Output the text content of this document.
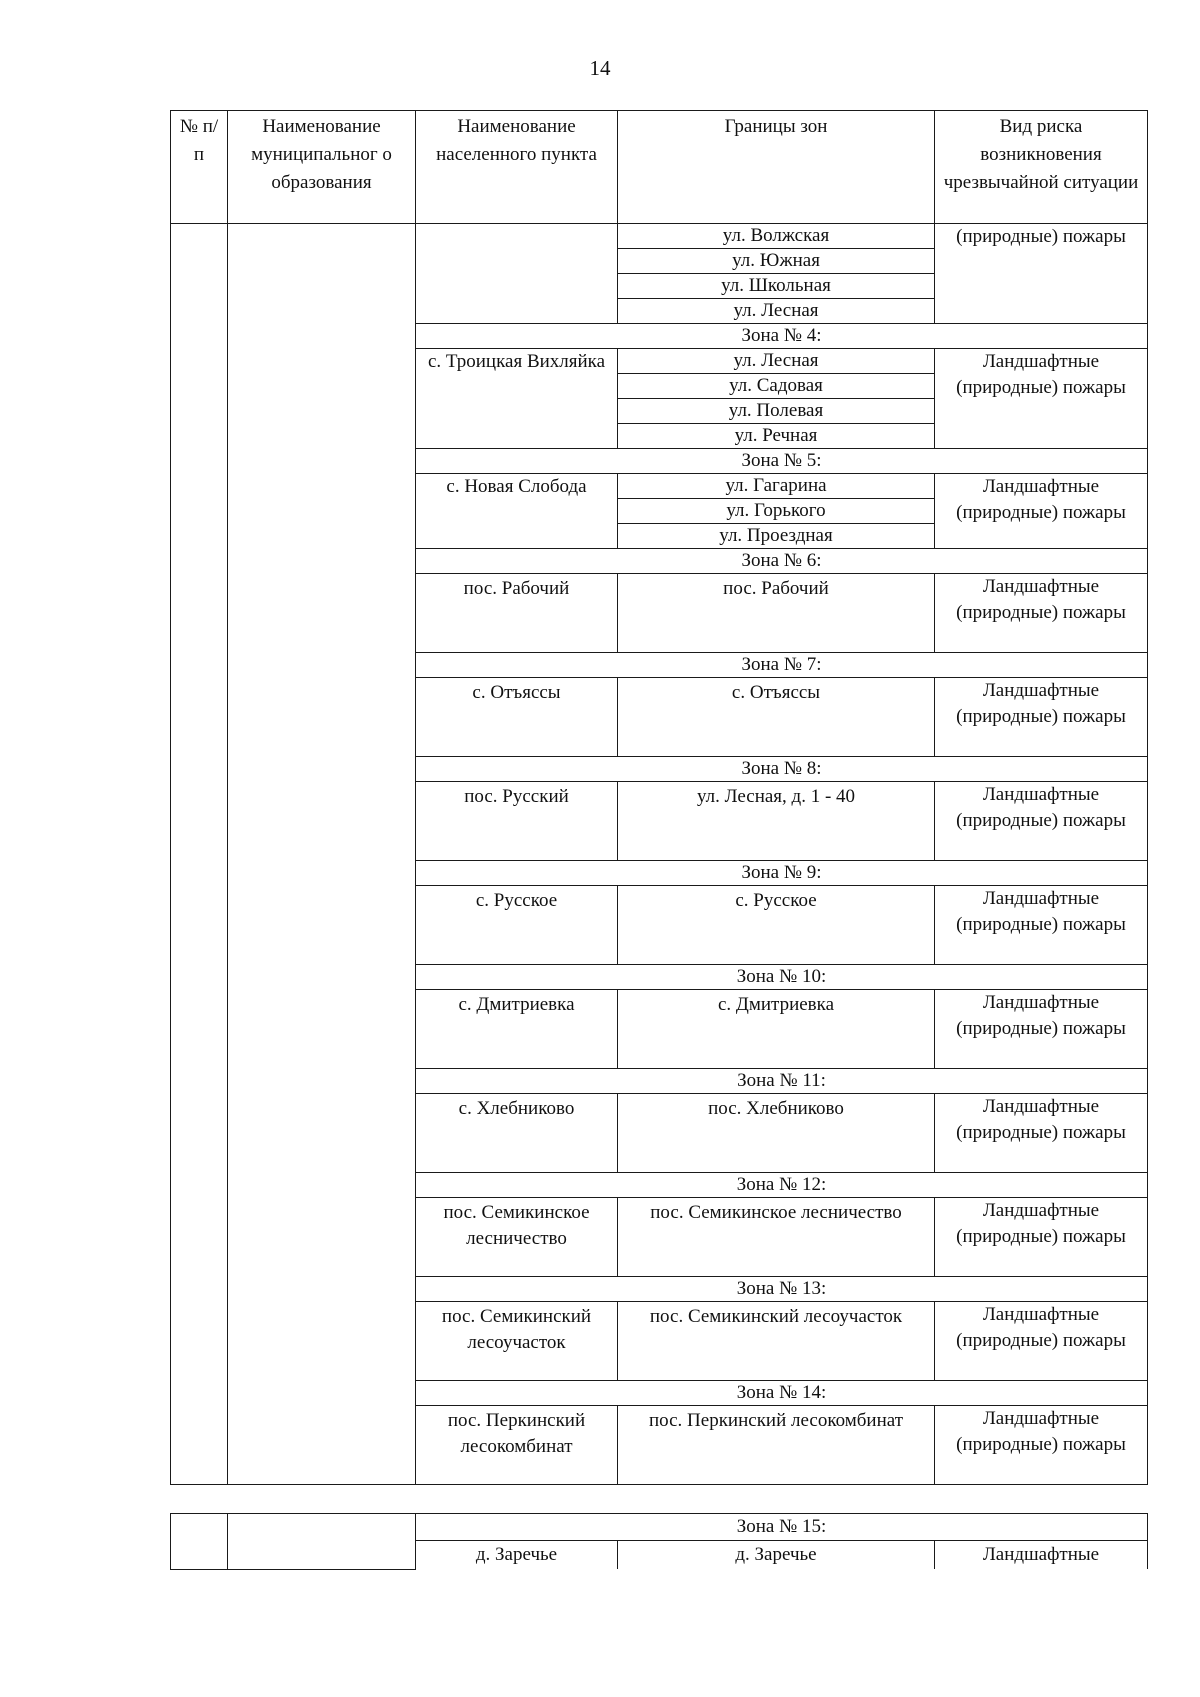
14
№ п/п	Наименование муниципальног о образования	Наименование населенного пункта	Границы зон	Вид риска возникновения чрезвычайной ситуации
			ул. Волжская	(природные) пожары
			ул. Южная	
			ул. Школьная	
			ул. Лесная	
		Зона № 4:		
		с. Троицкая Вихляйка	ул. Лесная	Ландшафтные (природные) пожары
			ул. Садовая	
			ул. Полевая	
			ул. Речная	
		Зона № 5:		
		с. Новая Слобода	ул. Гагарина	Ландшафтные (природные) пожары
			ул. Горького	
			ул. Проездная	
		Зона № 6:		
		пос. Рабочий	пос. Рабочий	Ландшафтные (природные) пожары
		Зона № 7:		
		с. Отъяссы	с. Отъяссы	Ландшафтные (природные) пожары
		Зона № 8:		
		пос. Русский	ул. Лесная, д. 1 - 40	Ландшафтные (природные) пожары
		Зона № 9:		
		с. Русское	с. Русское	Ландшафтные (природные) пожары
		Зона № 10:		
		с. Дмитриевка	с. Дмитриевка	Ландшафтные (природные) пожары
		Зона № 11:		
		с. Хлебниково	пос. Хлебниково	Ландшафтные (природные) пожары
		Зона № 12:		
		пос. Семикинское лесничество	пос. Семикинское лесничество	Ландшафтные (природные) пожары
		Зона № 13:		
		пос. Семикинский лесоучасток	пос. Семикинский лесоучасток	Ландшафтные (природные) пожары
		Зона № 14:		
		пос. Перкинский лесокомбинат	пос. Перкинский лесокомбинат	Ландшафтные (природные) пожары
		Зона № 15:		
		д. Заречье	д. Заречье	Ландшафтные
